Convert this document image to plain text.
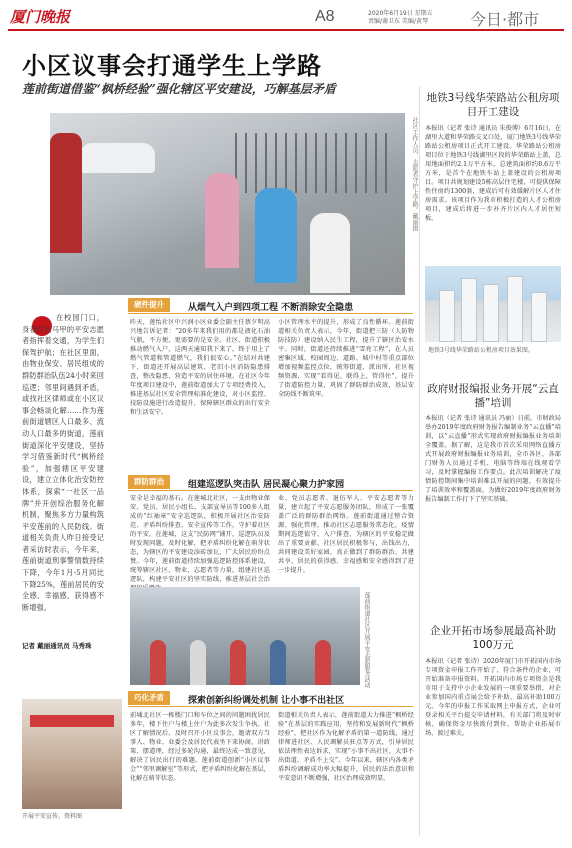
厦门晚报	A8	2020年6月19日 星期五
责编/谢卫东 美编/黄琴	今日·都市
小区议事会打通学生上学路
莲前街道借鉴“枫桥经验”强化辖区平安建设，巧解基层矛盾
社区工作人员、志愿者守护上学路。戴丽摄
在校园门口，身着红色马甲的平安志愿者指挥着交通，为学生们保驾护航；在社区里面，由物业保安、居民组成的群防群治队伍24小时来回巡逻；邻里间遇到矛盾，或找社区律师或在小区议事会畅谈化解……作为莲前街道辖区人口最多、流动人口最多的街道，莲前街道深化平安建设，坚持学习借鉴新时代“枫桥经验”，加强辖区平安建设，建立立体化治安防控体系，探索“一社区一品牌”并开创综治服务化解机制，聚焦多方力量构筑平安莲前的人民防线。街道相关负责人昨日接受记者采访时表示，今年来，莲前街道刑事警情数持续下降，今年1月-5月同比下降25%，莲前居民的安全感、幸福感、获得感不断增强。
记者 戴丽通讯员 马秀珠
硬件提升	从烟气入户到四项工程 不断消除安全隐患
昨天，莲怡社区中兴润小区业委会副主任蔡夕明高兴地告诉记者：“20多年来我们用的都是液化石油气瓶，不方便，更需要的是安全。社区、街道积极推动燃气入户，这两天通知我下来了，终于用上了燃气管道和管道燃气，我们很安心。”在结对共建下，街道还开展高层建筑、老旧小区消防隐患排查，整改隐患，营造平安的居住环境。在社区今年年度项目建设中，莲前街道加大了专项经费投入，推进基层社区安全管理标准化建设，对小区监控、技防设施进行改造提升，保障辖区群众的出行安全和生活安宁。
小区管理水平的提升，形成了良性循环。莲前街道相关负责人表示，今年，街道把三防（人防物防技防）建设纳入民生工程，提升了辖区治安水平。同时，街道还持续推进“雪亮工程”，在人员密集区域、校园周边、道路、城中村等重点部位增加视频监控点位，统筹街道、派出所、社区视频资源，实现“看得见、联得上、管得住”，提升了街道防控力量，巩固了群防群治成效，基层安全防线不断筑牢。
群防群治	组建巡逻队突击队 居民凝心聚力护家园
安全是幸福的基石。在莲城北社区，一支由物业保安、党员、居民小组长、支部宣导员等100多人组成的“红袖章”安全巡逻队，积极开展社区治安防范、矛盾纠纷排查、安全宣传等工作，守护着社区的平安。在莲城，这支“民防网”铺开，巡逻队员及时发现问题，及时化解，把矛盾纠纷化解在萌芽状态，为辖区的平安建设添砖加瓦，广大居民纷纷点赞。今年，莲前街道持续加强巡逻防控体系建设，统筹辖区社区、物业、志愿者等力量，组建社区巡逻队，构建平安社区的坚实防线，推进基层社会治
业、党员志愿者、退伍军人、平安志愿者等力量，建立起了平安志愿服务团队，形成了一张覆盖广泛的群防群治网络。莲前街道通过整合资源、强化管理，推动社区志愿服务常态化，疫情期间巡逻值守、入户排查，为辖区的平安稳定做出了重要贡献。社区居民积极参与，出钱出力，共同建设美好家园，真正做到了群防群治、共建共享，居民的获得感、幸福感和安全感得到了进一步提升。
莲前街道社区开展平安志愿服务活动
巧化矛盾	探索创新纠纷调处机制 让小事不出社区
前埔北社区一栋楼门口和车位之间的问题困扰居民多年，楼下住户与楼上住户为此多次发生争执。社区了解情况后，及时召开小区议事会，邀请双方当事人、物业、业委会及居民代表坐下来协商，讲政策、摆道理，经过多轮沟通，最终达成一致意见，解决了居民出行的难题。莲前街道创新“小区议事会”“邻里调解室”等形式，把矛盾纠纷化解在基层，化解在萌芽状态。
街道相关负责人表示，莲前街道大力推进“枫桥经验”在基层的实践应用，坚持和发展新时代“枫桥经验”，把社区作为化解矛盾的第一道防线，通过律师进社区、人民调解员驻点等方式，引导居民依法理性表达诉求，实现“小事不出社区，大事不出街道，矛盾不上交”。今年以来，辖区内各类矛盾纠纷调解成功率大幅提升，居民的法治意识和平安意识不断增强，社区治理成效明显。
开展平安宣传。资料图
地铁3号线华荣路站公租房项目开工建设
本报讯（记者 张诗 通讯员 朱俊博）6月16日，在湖里大道和华荣路交叉口处，厦门地铁3号线华荣路站公租房项目正式开工建设。华荣路站公租房项目位于地铁3号线湖里区段的华荣路站上盖，总用地面积约2.1万平方米，总建筑面积约8.6万平方米，是首个在地铁车站上盖建设的公租房项目。项目共规划建设5栋高层住宅楼，可提供保障性住房约1300套，建成后可有效缓解片区人才住房需求。该项目作为我市积极打造的人才公租房项目，建成后将进一步补齐片区内人才居住短板。
地铁3号线华荣路站公租房项目效果图。
政府财报编报业务开展“云直播”培训
本报讯（记者 张诗 通讯员 冯丽）日前，市财政局举办2019年度政府财务报告编制业务“云直播”培训，以“云直播”形式实现政府财报编报业务培训全覆盖。据了解，这是我市首次采用网络直播方式开展政府财报编报业务培训，全市各区、各部门财务人员通过手机、电脑等终端在线观看学习，及时掌握编报工作要点。此次培训解决了疫情防控期间集中培训难以开展的问题，有效提升了培训效率和覆盖面，为做好2019年度政府财务报告编制工作打下了坚实基础。
企业开拓市场参展最高补助100万元
本报讯（记者 张诗）2020年厦门市开拓国内市场专项资金申报工作开始了，符合条件的企业，可开始准备申报资料。开拓国内市场专项资金是我市用于支持中小企业发展的一项重要举措，对企业参加国内重点展会给予补助，最高补助100万元。今年的申报工作采取网上申报方式，企业可登录相关平台提交申请材料，有关部门将及时审核，确保资金尽快拨付到位，帮助企业拓展市场、渡过难关。
